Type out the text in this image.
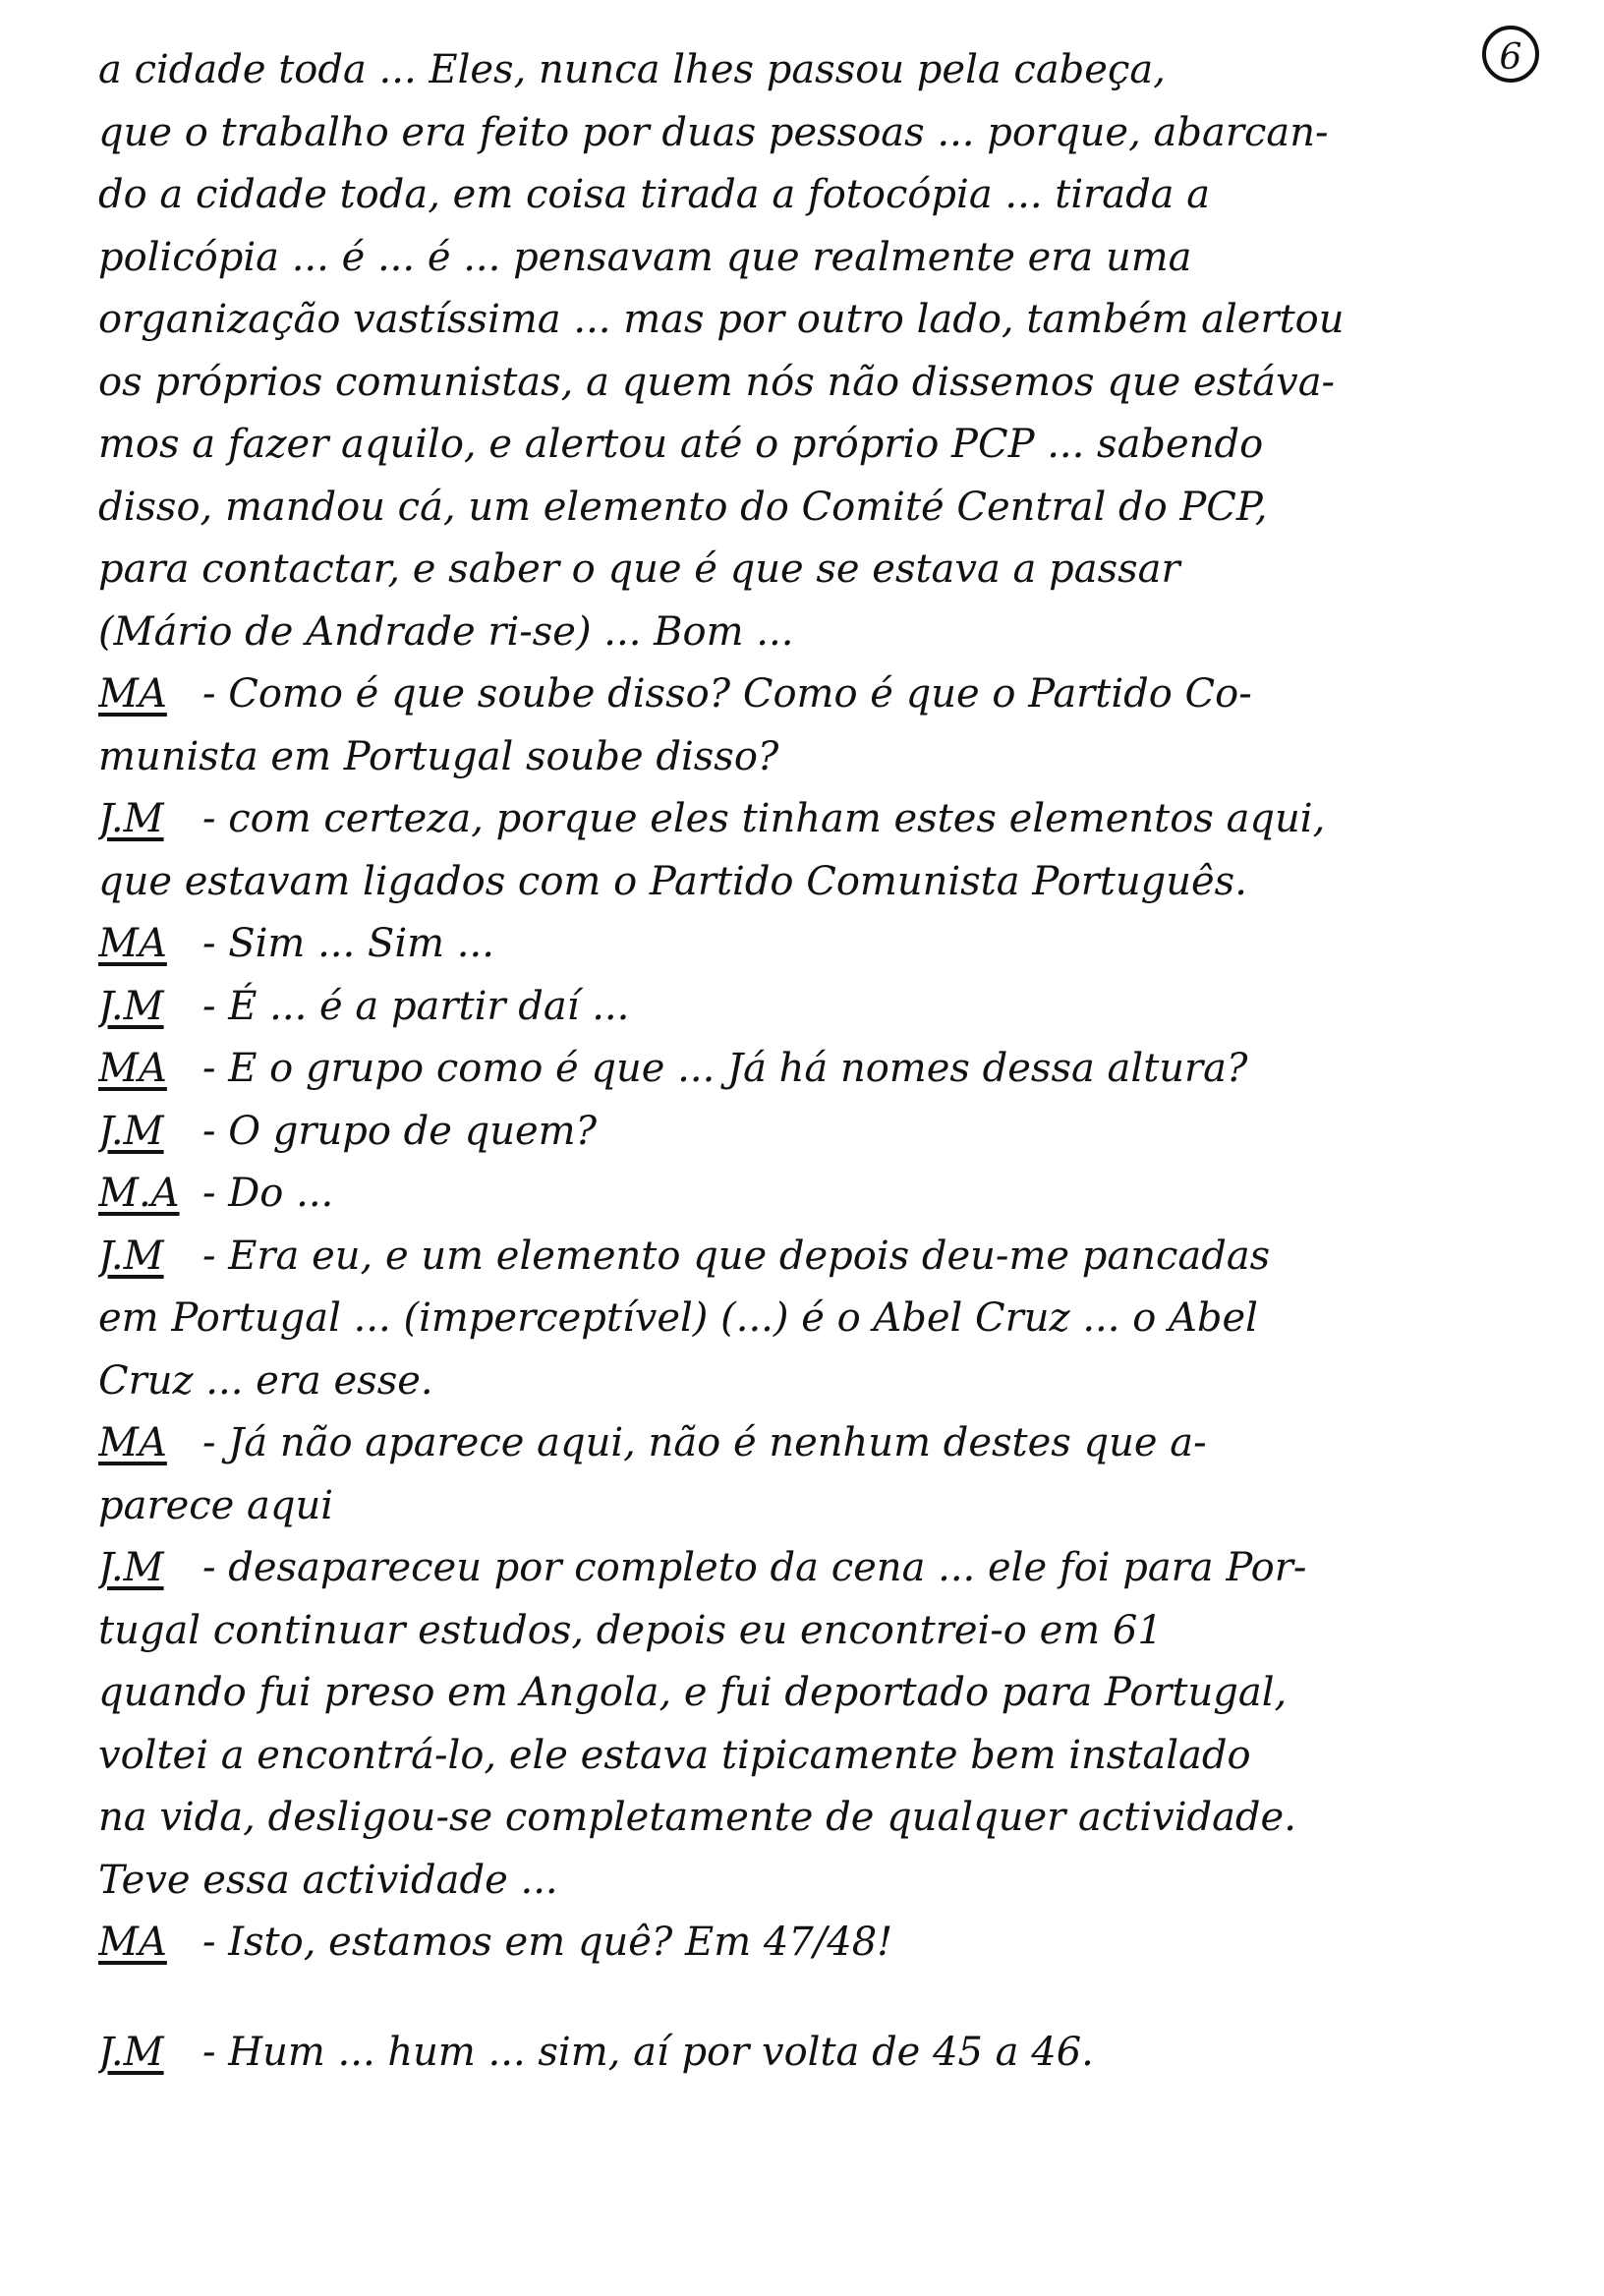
6
a cidade toda ... Eles, nunca lhes passou pela cabeça,
que o trabalho era feito por duas pessoas ... porque, abarcan-
do a cidade toda, em coisa tirada a fotocópia ... tirada a
policópia ... é ... é ... pensavam que realmente era uma
organização vastíssima ... mas por outro lado, também alertou
os próprios comunistas, a quem nós não dissemos que estáva-
mos a fazer aquilo, e alertou até o próprio PCP ... sabendo
disso, mandou cá, um elemento do Comité Central do PCP,
para contactar, e saber o que é que se estava a passar
(Mário de Andrade ri-se) ... Bom ...
MA - Como é que soube disso? Como é que o Partido Co-
munista em Portugal soube disso?
J.M - com certeza, porque eles tinham estes elementos aqui,
que estavam ligados com o Partido Comunista Português.
MA - Sim ... Sim ...
J.M - É ... é a partir daí ...
MA - E o grupo como é que ... Já há nomes dessa altura?
J.M - O grupo de quem?
M.A - Do ...
J.M - Era eu, e um elemento que depois deu-me pancadas
em Portugal ... (imperceptível) (...) é o Abel Cruz ... o Abel
Cruz ... era esse.
MA - Já não aparece aqui, não é nenhum destes que a-
parece aqui
J.M - desapareceu por completo da cena ... ele foi para Por-
tugal continuar estudos, depois eu encontrei-o em 61
quando fui preso em Angola, e fui deportado para Portugal,
voltei a encontrá-lo, ele estava tipicamente bem instalado
na vida, desligou-se completamente de qualquer actividade.
Teve essa actividade ...
MA - Isto, estamos em quê? Em 47/48!
J.M - Hum ... hum ... sim, aí por volta de 45 a 46.
